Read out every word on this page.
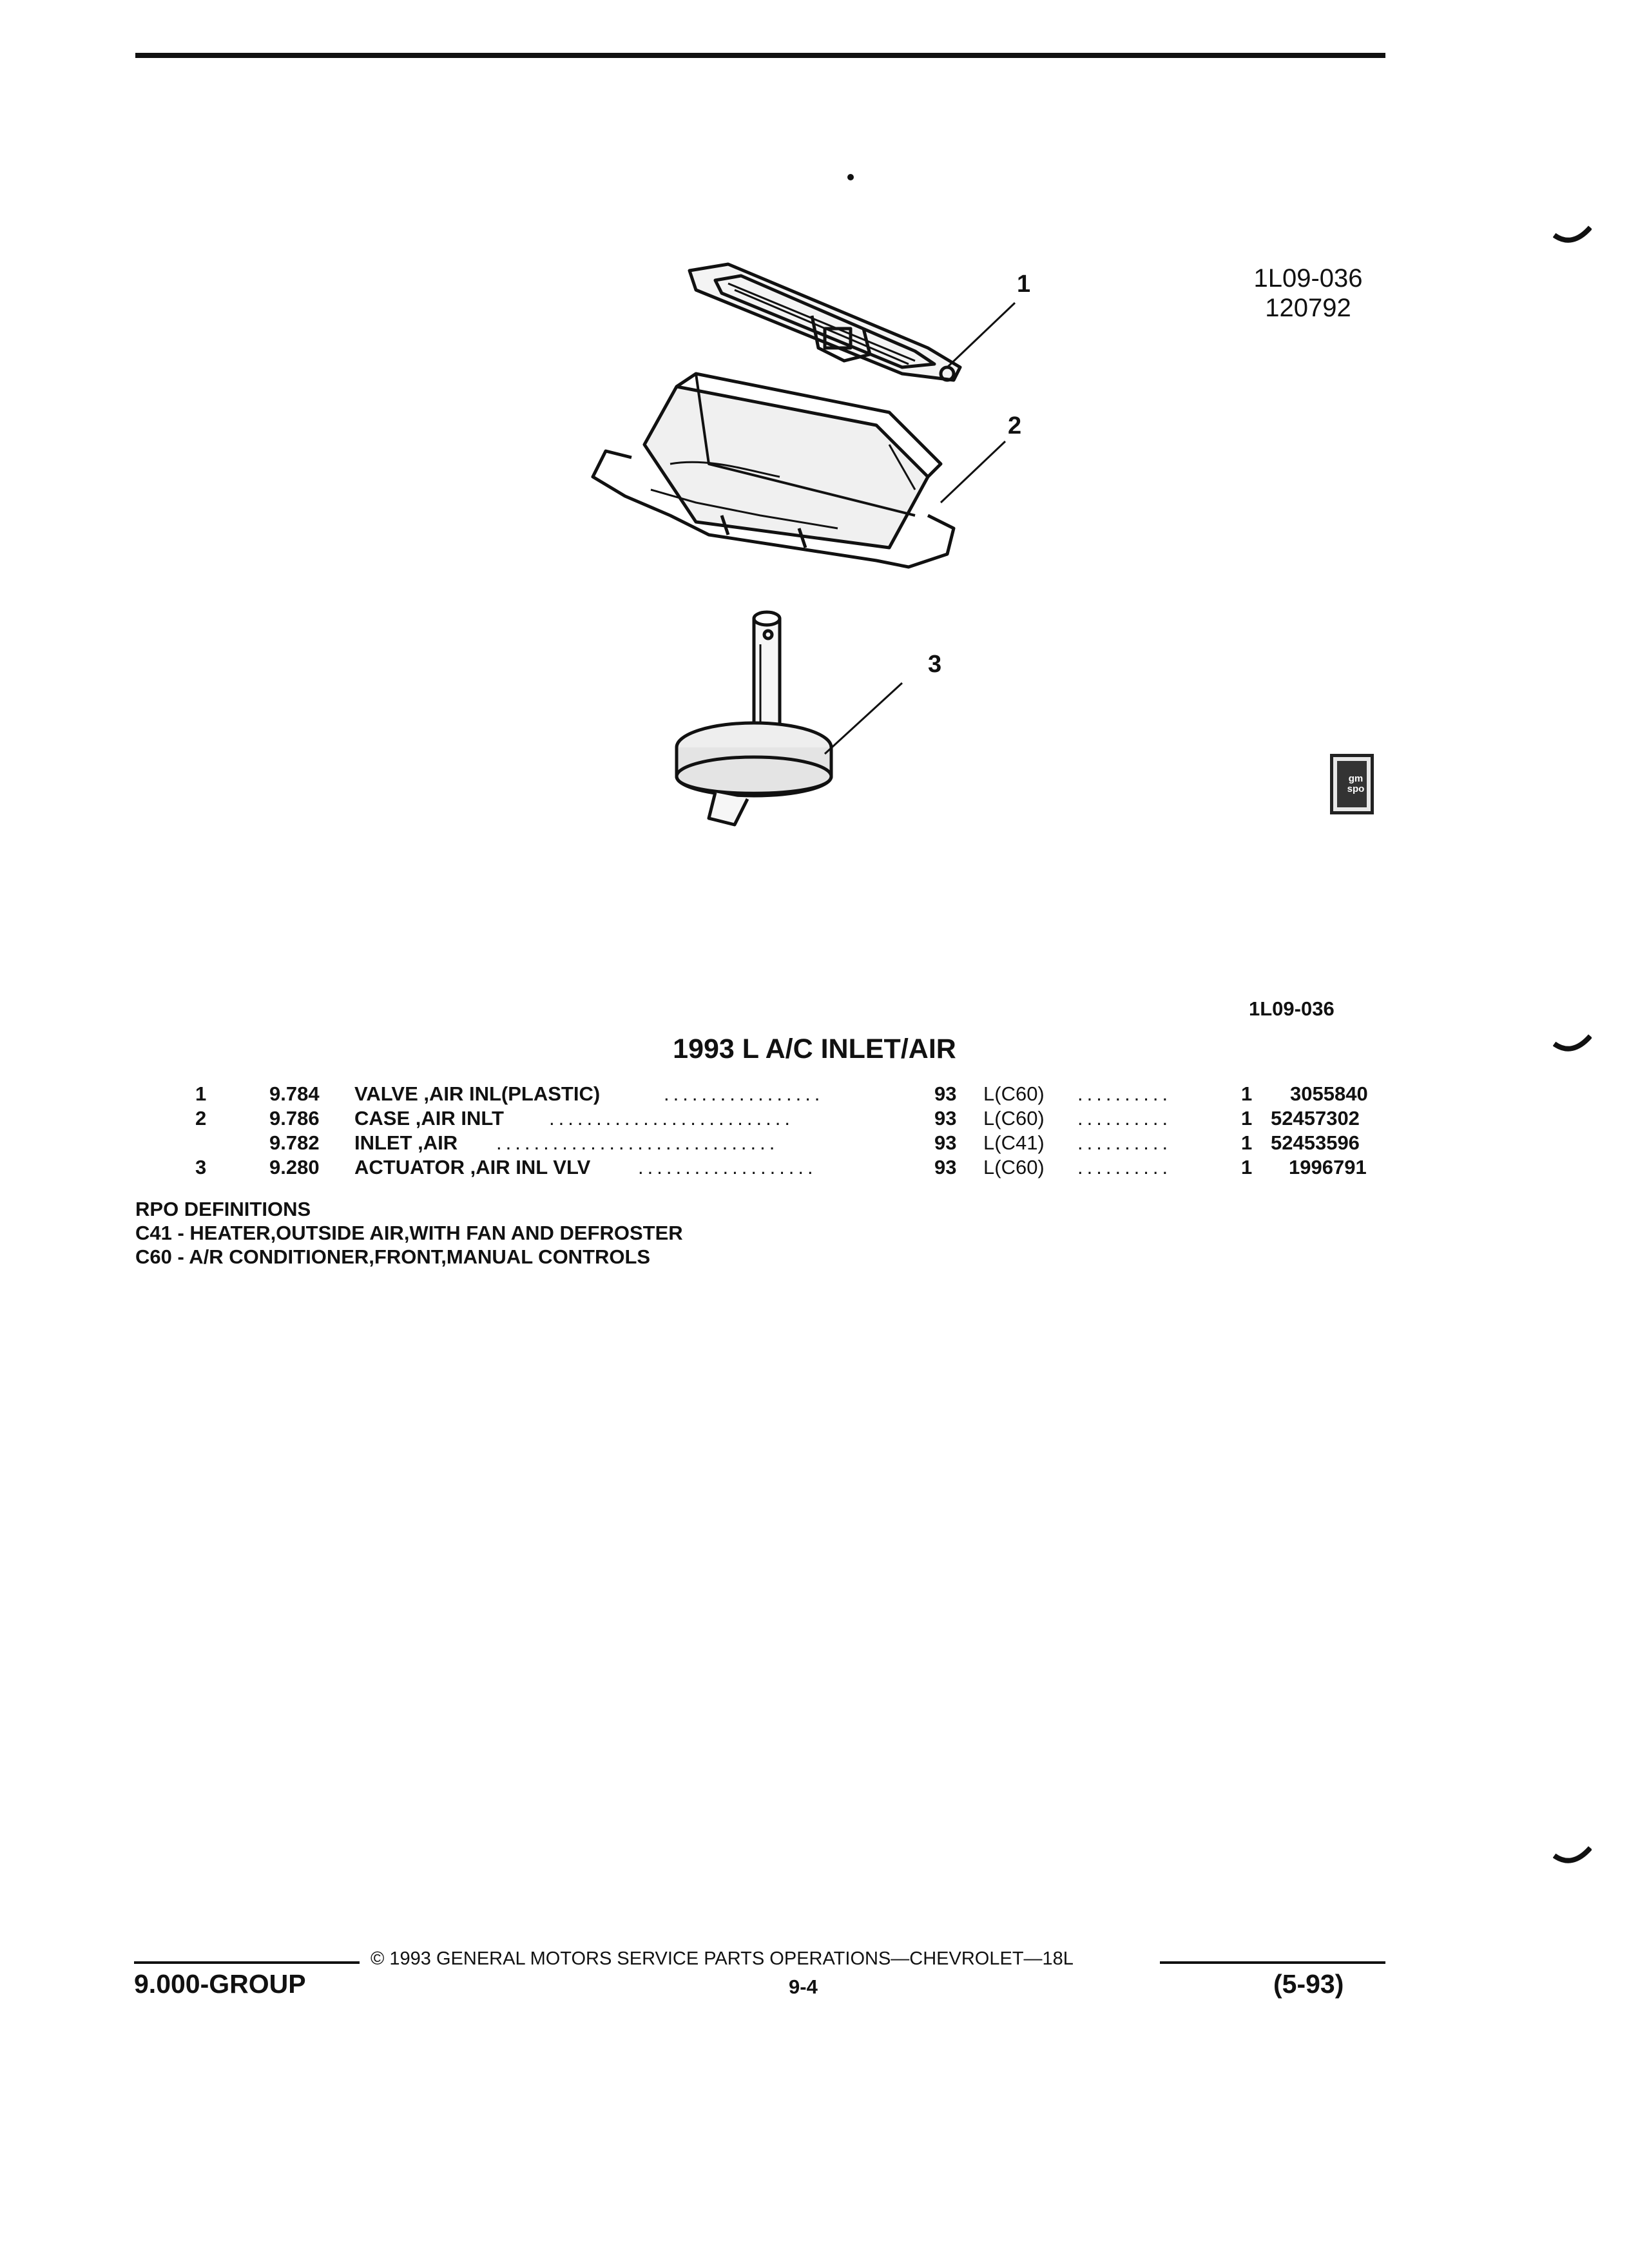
1L09-036
120792
1
2
3
gm spo
1L09-036
1993 L A/C INLET/AIR
1	9.784 VALVE ,AIR INL(PLASTIC)	.................	93 L(C60) ..........	1 3055840
2	9.786 CASE ,AIR INLT ..........................	93 L(C60) ..........	1 52457302
9.782 INLET ,AIR ..............................	93 L(C41) ..........	1 52453596
3	9.280 ACTUATOR ,AIR INL VLV ...................	93 L(C60) ..........	1 1996791
RPO DEFINITIONS
C41 - HEATER,OUTSIDE AIR,WITH FAN AND DEFROSTER
C60 - A/R CONDITIONER,FRONT,MANUAL CONTROLS
© 1993 GENERAL MOTORS SERVICE PARTS OPERATIONS—CHEVROLET—18L
9.000-GROUP	9-4	(5-93)
